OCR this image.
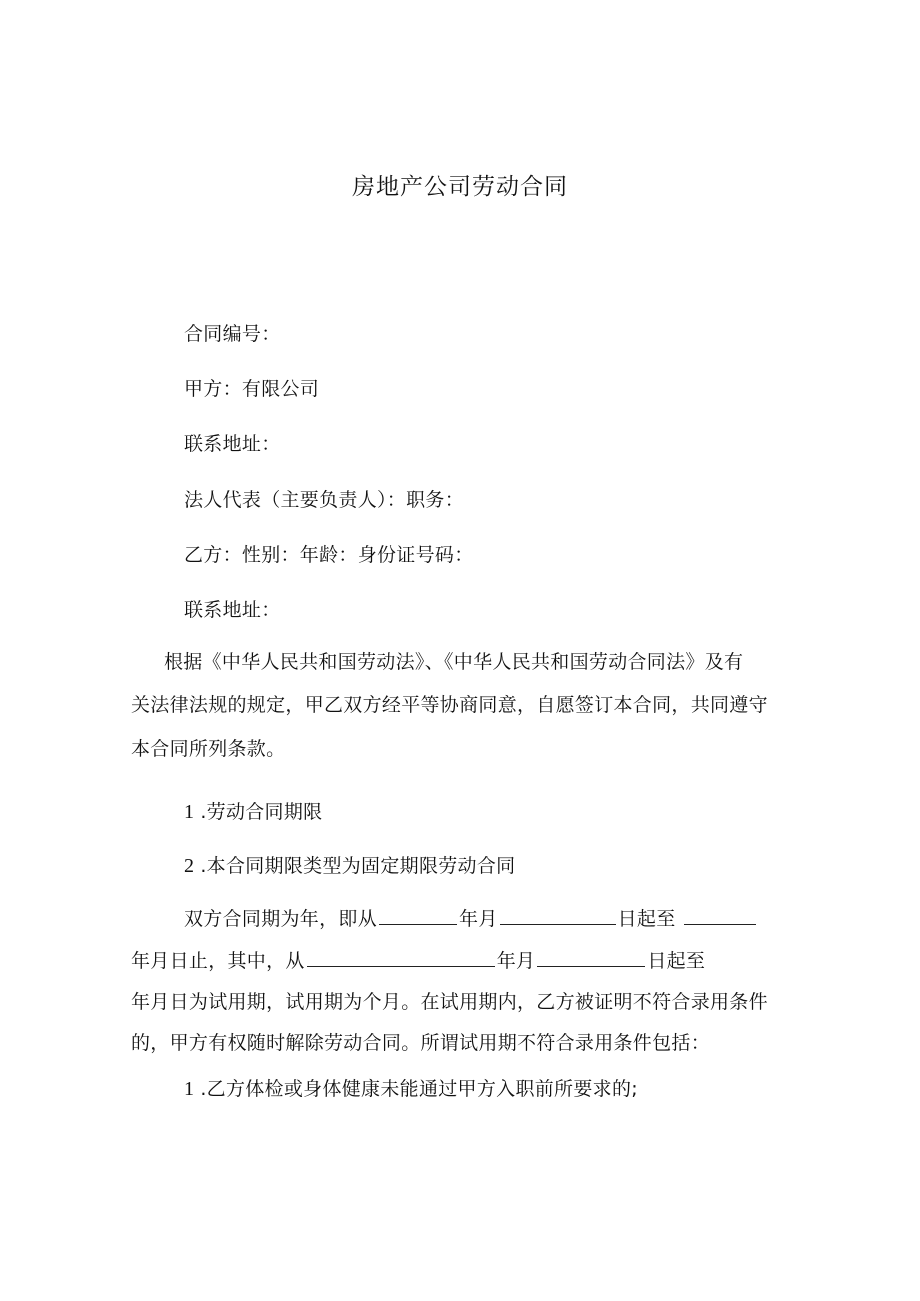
房地产公司劳动合同
合同编号：
甲方：有限公司
联系地址：
法人代表（主要负责人）：职务：
乙方：性别：年龄：身份证号码：
联系地址：
根据《中华人民共和国劳动法》、《中华人民共和国劳动合同法》及有
关法律法规的规定，甲乙双方经平等协商同意，自愿签订本合同，共同遵守
本合同所列条款。
1 .劳动合同期限
2 .本合同期限类型为固定期限劳动合同
双方合同期为年，即从	年月	日起至
年月日止，其中，从	年月	日起至
年月日为试用期，试用期为个月。在试用期内，乙方被证明不符合录用条件
的，甲方有权随时解除劳动合同。所谓试用期不符合录用条件包括：
1 .乙方体检或身体健康未能通过甲方入职前所要求的;
